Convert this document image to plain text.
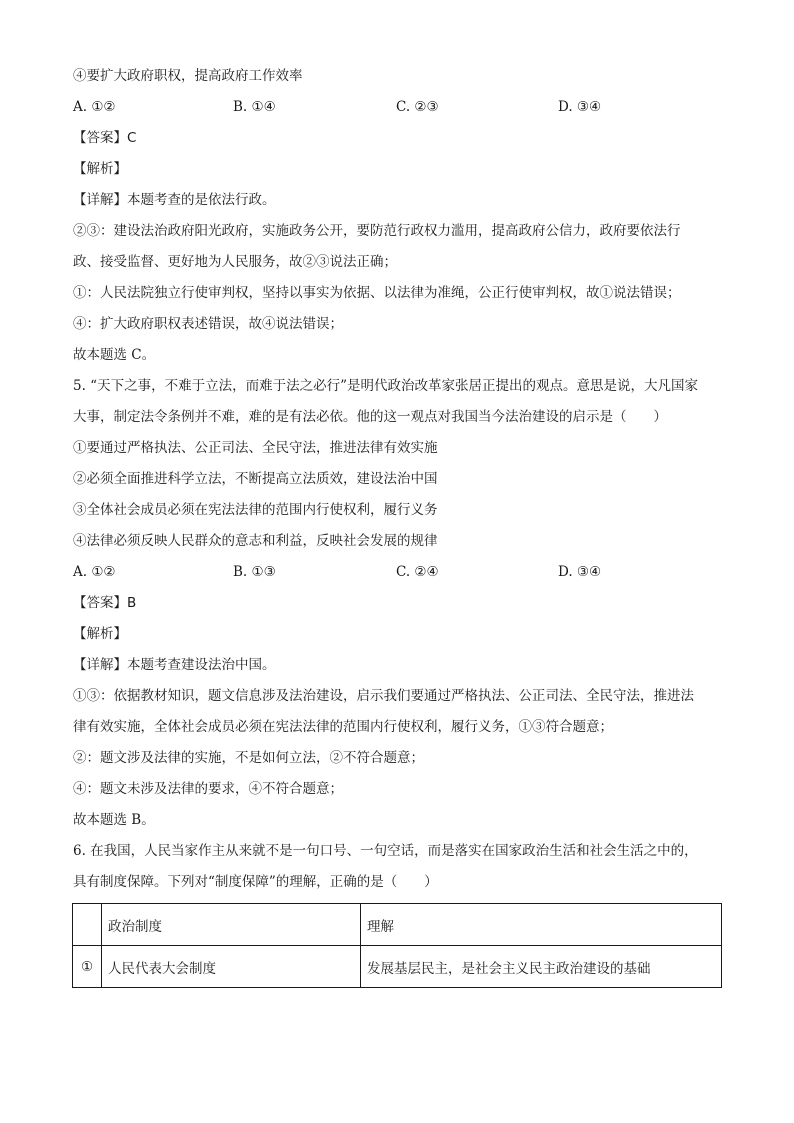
④要扩大政府职权，提高政府工作效率
A. ①②	B. ①④	C. ②③	D. ③④
【答案】C
【解析】
【详解】本题考查的是依法行政。
②③：建设法治政府阳光政府，实施政务公开，要防范行政权力滥用，提高政府公信力，政府要依法行
政、接受监督、更好地为人民服务，故②③说法正确；
①：人民法院独立行使审判权，坚持以事实为依据、以法律为准绳，公正行使审判权，故①说法错误；
④：扩大政府职权表述错误，故④说法错误；
故本题选 C。
5. “天下之事，不难于立法，而难于法之必行”是明代政治改革家张居正提出的观点。意思是说，大凡国家
大事，制定法令条例并不难，难的是有法必依。他的这一观点对我国当今法治建设的启示是（　　）
①要通过严格执法、公正司法、全民守法，推进法律有效实施
②必须全面推进科学立法，不断提高立法质效，建设法治中国
③全体社会成员必须在宪法法律的范围内行使权利，履行义务
④法律必须反映人民群众的意志和利益，反映社会发展的规律
A. ①②	B. ①③	C. ②④	D. ③④
【答案】B
【解析】
【详解】本题考查建设法治中国。
①③：依据教材知识，题文信息涉及法治建设，启示我们要通过严格执法、公正司法、全民守法，推进法
律有效实施，全体社会成员必须在宪法法律的范围内行使权利，履行义务，①③符合题意；
②：题文涉及法律的实施，不是如何立法，②不符合题意；
④：题文未涉及法律的要求，④不符合题意；
故本题选 B。
6. 在我国，人民当家作主从来就不是一句口号、一句空话，而是落实在国家政治生活和社会生活之中的，
具有制度保障。下列对“制度保障”的理解，正确的是（　　）
	政治制度	理解
①	人民代表大会制度	发展基层民主，是社会主义民主政治建设的基础
